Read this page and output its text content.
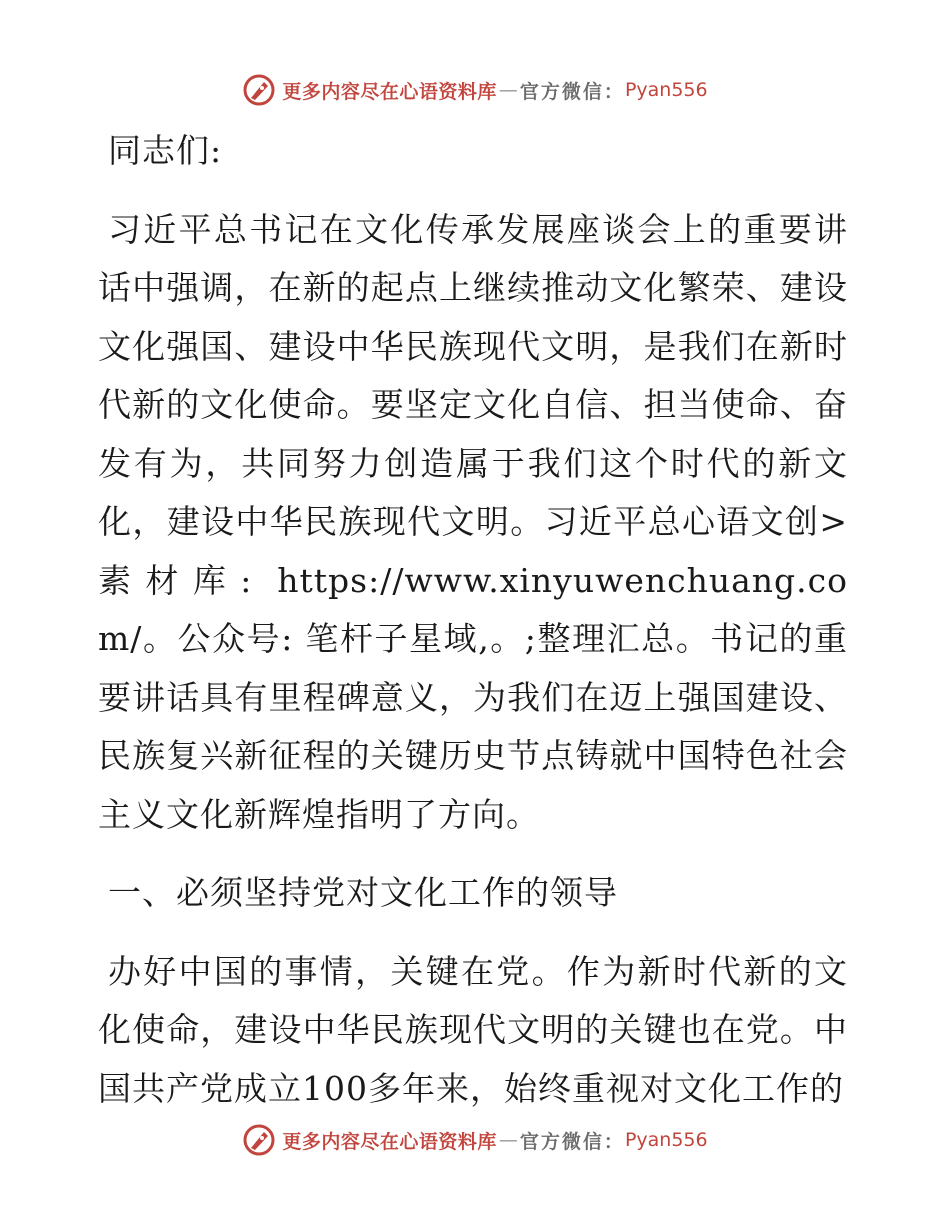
更多内容尽在心语资料库 — 官方微信： Pyan556

同志们:

习近平总书记在文化传承发展座谈会上的重要讲话中强调，在新的起点上继续推动文化繁荣、建设文化强国、建设中华民族现代文明，是我们在新时代新的文化使命。要坚定文化自信、担当使命、奋发有为，共同努力创造属于我们这个时代的新文化，建设中华民族现代文明。习近平总心语文创>素材库: https://www.xinyuwenchuang.com/。公众号: 笔杆子星域,。;整理汇总。书记的重要讲话具有里程碑意义，为我们在迈上强国建设、民族复兴新征程的关键历史节点铸就中国特色社会主义文化新辉煌指明了方向。

一、必须坚持党对文化工作的领导

办好中国的事情，关键在党。作为新时代新的文化使命，建设中华民族现代文明的关键也在党。中国共产党成立100多年来，始终重视对文化工作的

更多内容尽在心语资料库 — 官方微信： Pyan556
